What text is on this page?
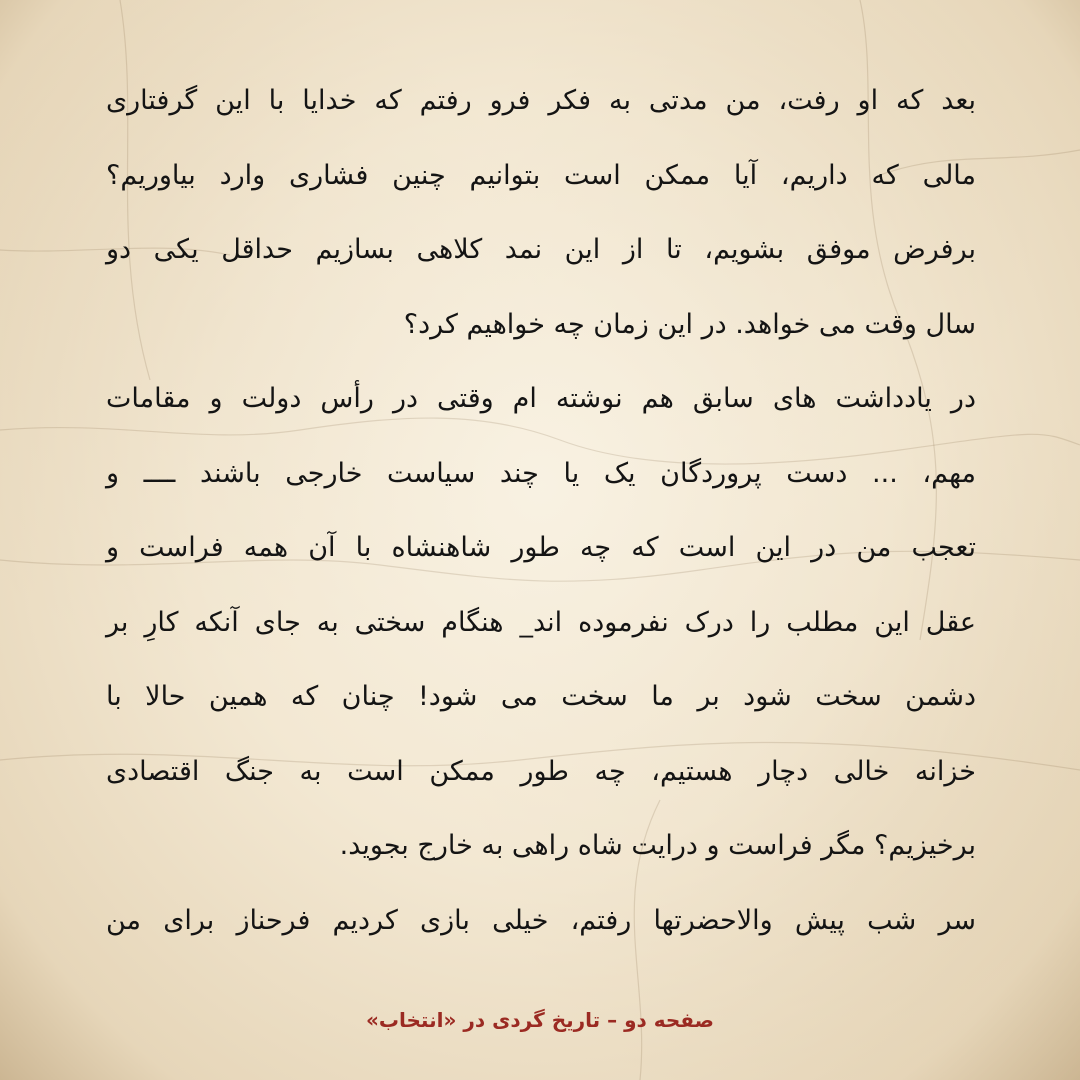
بعد که او رفت، من مدتی به فکر فرو رفتم که خدایا با این گرفتاری
مالی که داریم، آیا ممکن است بتوانیم چنین فشاری وارد بیاوریم؟
برفرض موفق بشویم، تا از این نمد کلاهی بسازیم حداقل یکی دو
سال وقت می خواهد. در این زمان چه خواهیم کرد؟
در یادداشت های سابق هم نوشته ام وقتی در رأس دولت و مقامات
مهم، ... دست پروردگان یک یا چند سیاست خارجی باشند ــــ و
تعجب من در این است که چه طور شاهنشاه با آن همه فراست و
عقل این مطلب را درک نفرموده اند_ هنگام سختی به جای آنکه کارِ بر
دشمن سخت شود بر ما سخت می شود! چنان که همین حالا با
خزانه خالی دچار هستیم، چه طور ممکن است به جنگ اقتصادی
برخیزیم؟ مگر فراست و درایت شاه راهی به خارج بجوید.
سر شب پیش والاحضرتها رفتم، خیلی بازی کردیم فرحناز برای من
صفحه دو – تاریخ گردی در «انتخاب»
